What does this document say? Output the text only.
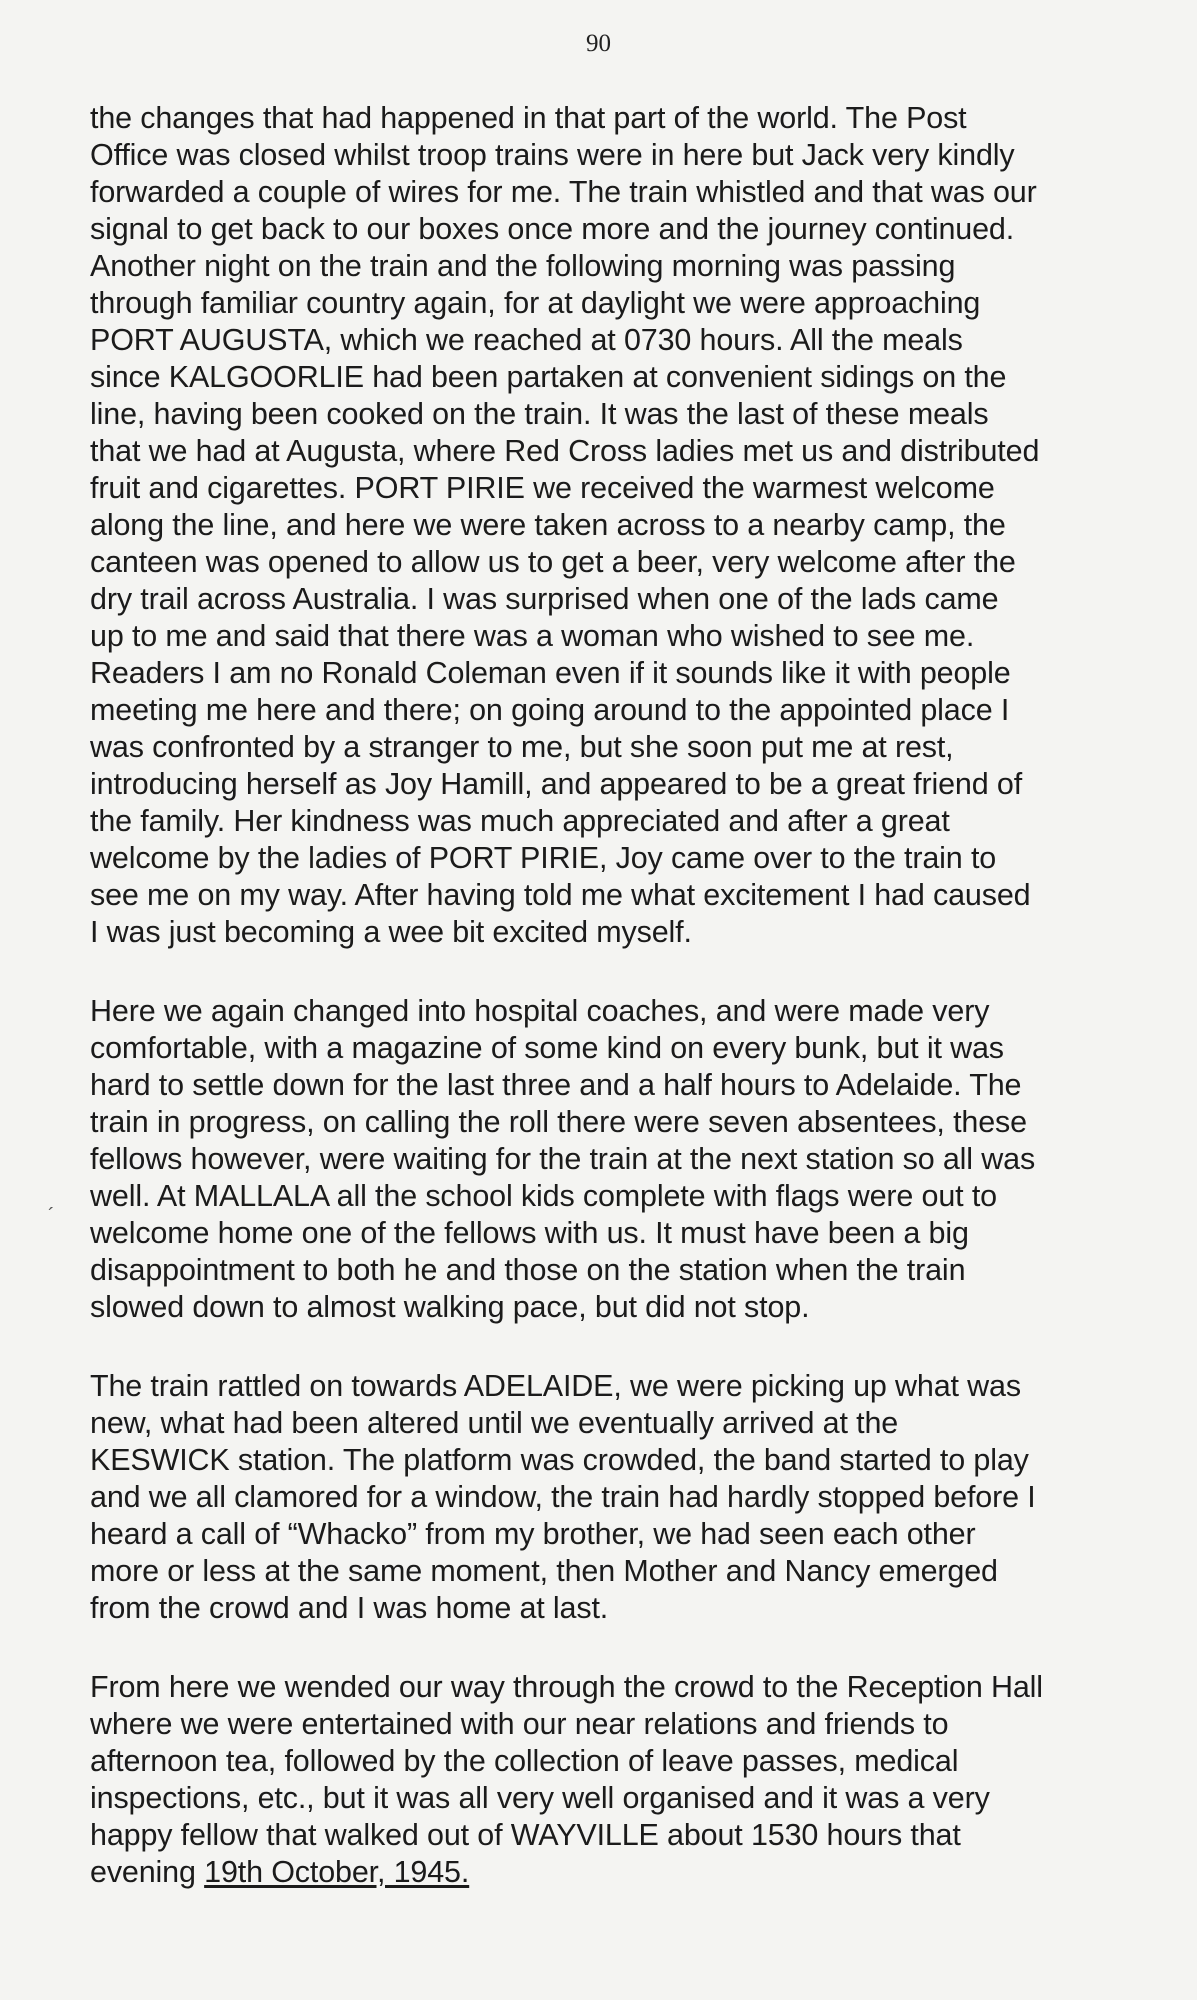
90
´
the changes that had happened in that part of the world. The Post
Office was closed whilst troop trains were in here but Jack very kindly
forwarded a couple of wires for me. The train whistled and that was our
signal to get back to our boxes once more and the journey continued.
Another night on the train and the following morning was passing
through familiar country again, for at daylight we were approaching
PORT AUGUSTA, which we reached at 0730 hours. All the meals
since KALGOORLIE had been partaken at convenient sidings on the
line, having been cooked on the train. It was the last of these meals
that we had at Augusta, where Red Cross ladies met us and distributed
fruit and cigarettes. PORT PIRIE we received the warmest welcome
along the line, and here we were taken across to a nearby camp, the
canteen was opened to allow us to get a beer, very welcome after the
dry trail across Australia. I was surprised when one of the lads came
up to me and said that there was a woman who wished to see me.
Readers I am no Ronald Coleman even if it sounds like it with people
meeting me here and there; on going around to the appointed place I
was confronted by a stranger to me, but she soon put me at rest,
introducing herself as Joy Hamill, and appeared to be a great friend of
the family. Her kindness was much appreciated and after a great
welcome by the ladies of PORT PIRIE, Joy came over to the train to
see me on my way. After having told me what excitement I had caused
I was just becoming a wee bit excited myself.
Here we again changed into hospital coaches, and were made very
comfortable, with a magazine of some kind on every bunk, but it was
hard to settle down for the last three and a half hours to Adelaide. The
train in progress, on calling the roll there were seven absentees, these
fellows however, were waiting for the train at the next station so all was
well. At MALLALA all the school kids complete with flags were out to
welcome home one of the fellows with us. It must have been a big
disappointment to both he and those on the station when the train
slowed down to almost walking pace, but did not stop.
The train rattled on towards ADELAIDE, we were picking up what was
new, what had been altered until we eventually arrived at the
KESWICK station. The platform was crowded, the band started to play
and we all clamored for a window, the train had hardly stopped before I
heard a call of “Whacko” from my brother, we had seen each other
more or less at the same moment, then Mother and Nancy emerged
from the crowd and I was home at last.
From here we wended our way through the crowd to the Reception Hall
where we were entertained with our near relations and friends to
afternoon tea, followed by the collection of leave passes, medical
inspections, etc., but it was all very well organised and it was a very
happy fellow that walked out of WAYVILLE about 1530 hours that
evening 19th October, 1945.
